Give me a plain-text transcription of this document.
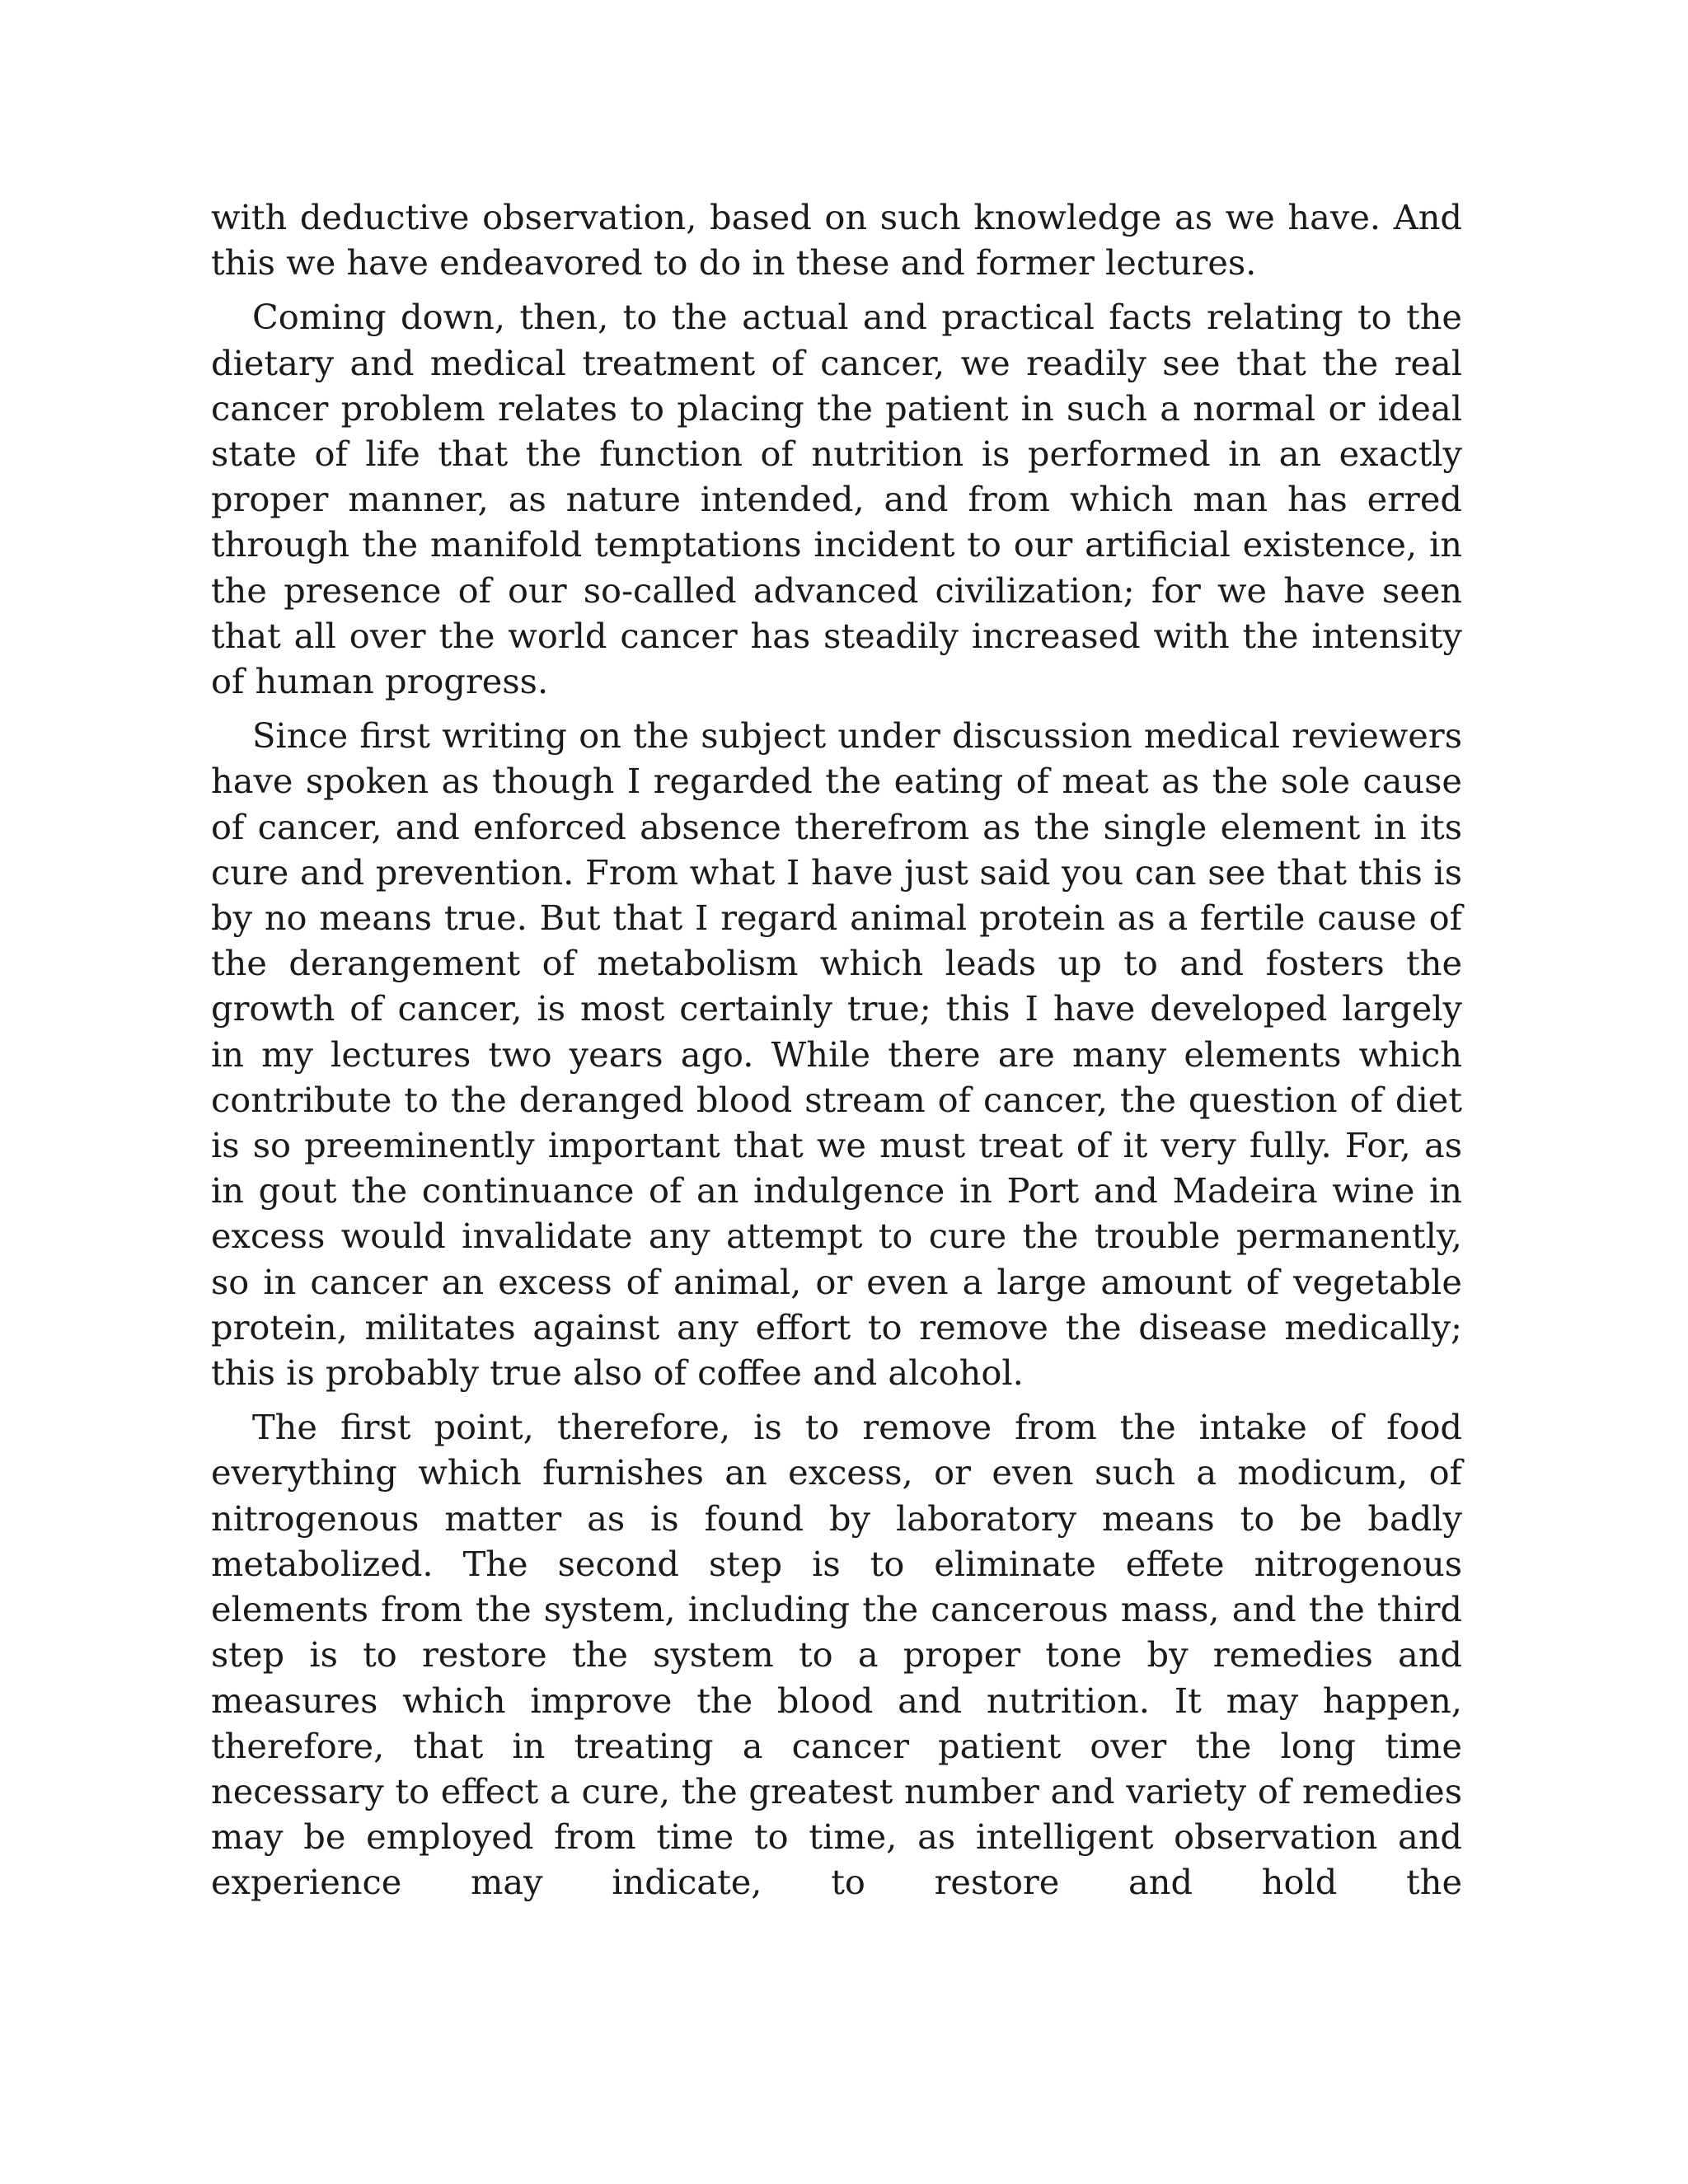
with deductive observation, based on such knowledge as we have. And this we have endeavored to do in these and former lectures.

Coming down, then, to the actual and practical facts relating to the dietary and medical treatment of cancer, we readily see that the real cancer problem relates to placing the patient in such a normal or ideal state of life that the function of nutrition is performed in an exactly proper manner, as nature intended, and from which man has erred through the manifold temptations incident to our artificial existence, in the presence of our so-called advanced civilization; for we have seen that all over the world cancer has steadily increased with the intensity of human progress.

Since first writing on the subject under discussion medical reviewers have spoken as though I regarded the eating of meat as the sole cause of cancer, and enforced absence therefrom as the single element in its cure and prevention. From what I have just said you can see that this is by no means true. But that I regard animal protein as a fertile cause of the derangement of metabolism which leads up to and fosters the growth of cancer, is most certainly true; this I have developed largely in my lectures two years ago. While there are many elements which contribute to the deranged blood stream of cancer, the question of diet is so preeminently important that we must treat of it very fully. For, as in gout the continuance of an indulgence in Port and Madeira wine in excess would invalidate any attempt to cure the trouble permanently, so in cancer an excess of animal, or even a large amount of vegetable protein, militates against any effort to remove the disease medically; this is probably true also of coffee and alcohol.

The first point, therefore, is to remove from the intake of food everything which furnishes an excess, or even such a modicum, of nitrogenous matter as is found by laboratory means to be badly metabolized. The second step is to eliminate effete nitrogenous elements from the system, including the cancerous mass, and the third step is to restore the system to a proper tone by remedies and measures which improve the blood and nutrition. It may happen, therefore, that in treating a cancer patient over the long time necessary to effect a cure, the greatest number and variety of remedies may be employed from time to time, as intelligent observation and experience may indicate, to restore and hold the
